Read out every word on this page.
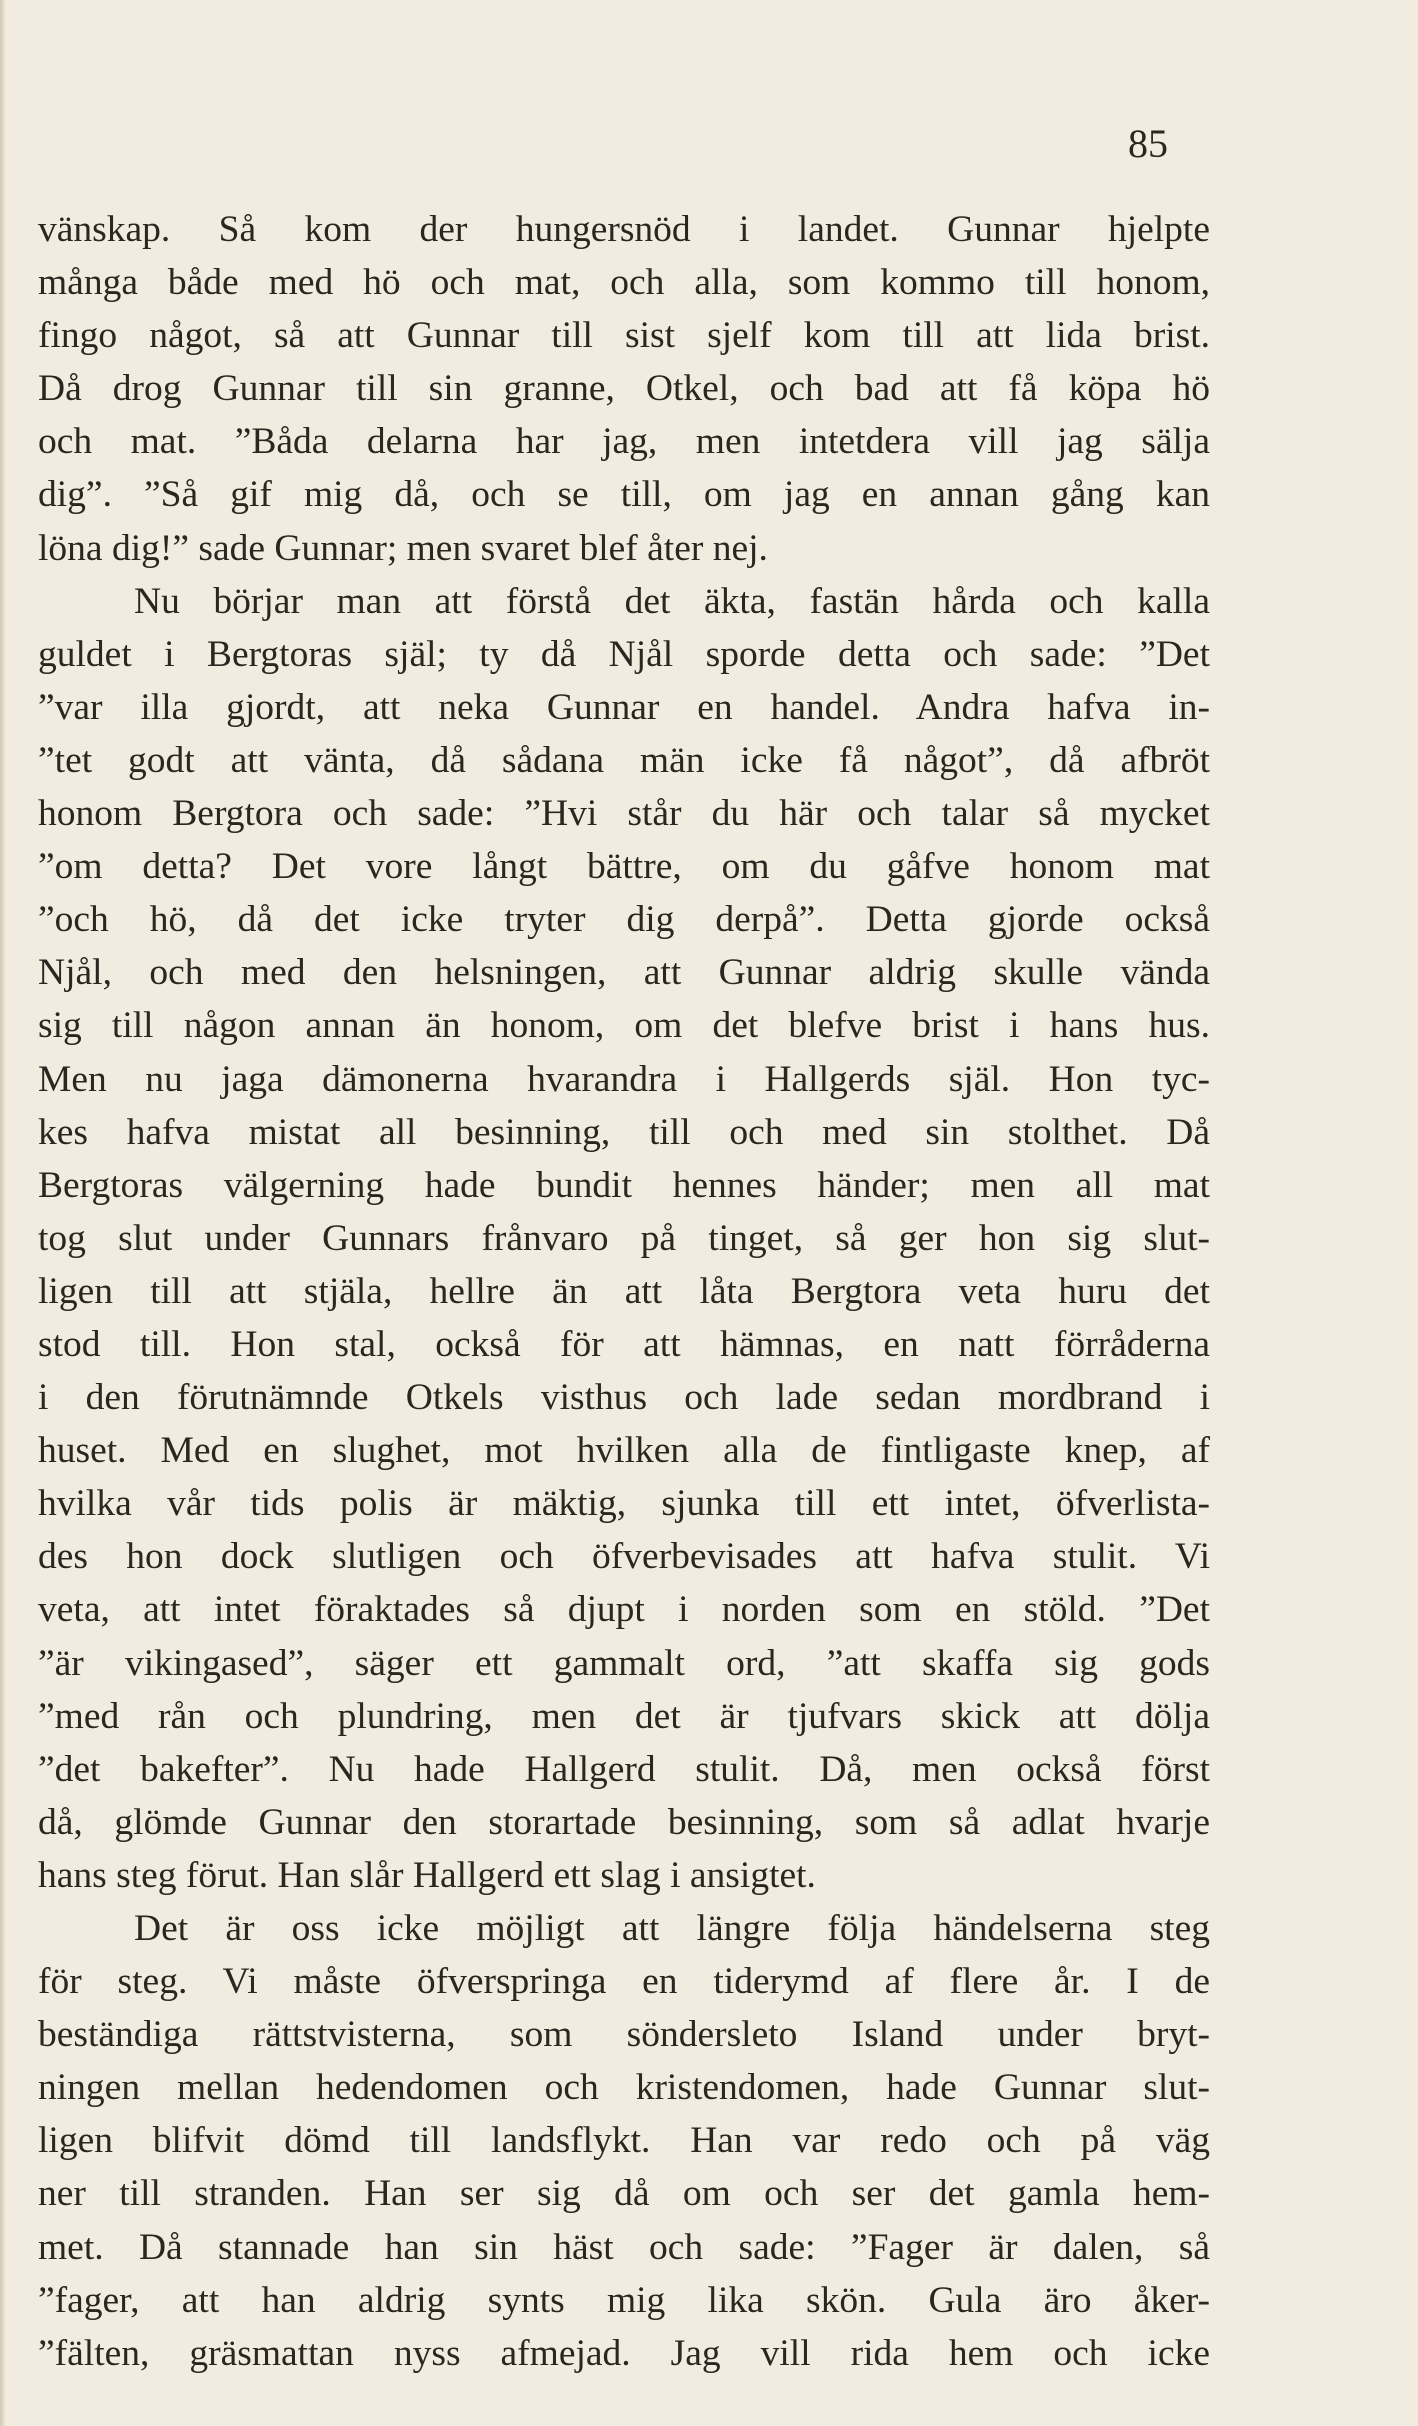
85
vänskap. Så kom der hungersnöd i landet. Gunnar hjelpte
många både med hö och mat, och alla, som kommo till honom,
fingo något, så att Gunnar till sist sjelf kom till att lida brist.
Då drog Gunnar till sin granne, Otkel, och bad att få köpa hö
och mat. ”Båda delarna har jag, men intetdera vill jag sälja
dig”. ”Så gif mig då, och se till, om jag en annan gång kan
löna dig!” sade Gunnar; men svaret blef åter nej.
Nu börjar man att förstå det äkta, fastän hårda och kalla
guldet i Bergtoras själ; ty då Njål sporde detta och sade: ”Det
”var illa gjordt, att neka Gunnar en handel. Andra hafva in-
”tet godt att vänta, då sådana män icke få något”, då afbröt
honom Bergtora och sade: ”Hvi står du här och talar så mycket
”om detta? Det vore långt bättre, om du gåfve honom mat
”och hö, då det icke tryter dig derpå”. Detta gjorde också
Njål, och med den helsningen, att Gunnar aldrig skulle vända
sig till någon annan än honom, om det blefve brist i hans hus.
Men nu jaga dämonerna hvarandra i Hallgerds själ. Hon tyc-
kes hafva mistat all besinning, till och med sin stolthet. Då
Bergtoras välgerning hade bundit hennes händer; men all mat
tog slut under Gunnars frånvaro på tinget, så ger hon sig slut-
ligen till att stjäla, hellre än att låta Bergtora veta huru det
stod till. Hon stal, också för att hämnas, en natt förråderna
i den förutnämnde Otkels visthus och lade sedan mordbrand i
huset. Med en slughet, mot hvilken alla de fintligaste knep, af
hvilka vår tids polis är mäktig, sjunka till ett intet, öfverlista-
des hon dock slutligen och öfverbevisades att hafva stulit. Vi
veta, att intet föraktades så djupt i norden som en stöld. ”Det
”är vikingased”, säger ett gammalt ord, ”att skaffa sig gods
”med rån och plundring, men det är tjufvars skick att dölja
”det bakefter”. Nu hade Hallgerd stulit. Då, men också först
då, glömde Gunnar den storartade besinning, som så adlat hvarje
hans steg förut. Han slår Hallgerd ett slag i ansigtet.
Det är oss icke möjligt att längre följa händelserna steg
för steg. Vi måste öfverspringa en tiderymd af flere år. I de
beständiga rättstvisterna, som söndersleto Island under bryt-
ningen mellan hedendomen och kristendomen, hade Gunnar slut-
ligen blifvit dömd till landsflykt. Han var redo och på väg
ner till stranden. Han ser sig då om och ser det gamla hem-
met. Då stannade han sin häst och sade: ”Fager är dalen, så
”fager, att han aldrig synts mig lika skön. Gula äro åker-
”fälten, gräsmattan nyss afmejad. Jag vill rida hem och icke
